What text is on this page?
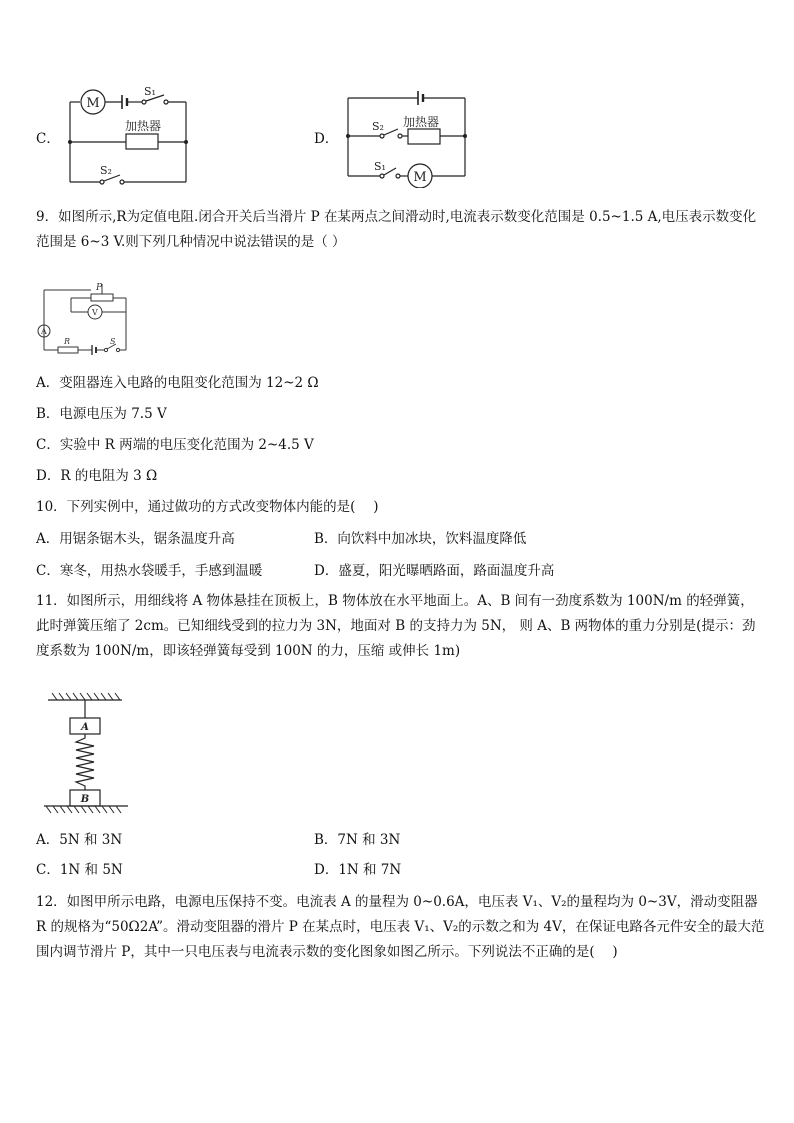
C．
M
S₁
加热器
S₂
D．
加热器
S₂
S₁
M
9．如图所示,R为定值电阻.闭合开关后当滑片 P 在某两点之间滑动时,电流表示数变化范围是 0.5~1.5 A,电压表示数变化范围是 6~3 V.则下列几种情况中说法错误的是（ ）
P
V
A
R	S
A．变阻器连入电路的电阻变化范围为 12~2 Ω
B．电源电压为 7.5 V
C．实验中 R 两端的电压变化范围为 2~4.5 V
D．R 的电阻为 3 Ω
10．下列实例中，通过做功的方式改变物体内能的是(　 )
A．用锯条锯木头，锯条温度升高	B．向饮料中加冰块，饮料温度降低
C．寒冬，用热水袋暖手，手感到温暖	D．盛夏，阳光曝晒路面，路面温度升高
11．如图所示，用细线将 A 物体悬挂在顶板上，B 物体放在水平地面上。A、B 间有一劲度系数为 100N/m 的轻弹簧，此时弹簧压缩了 2cm。已知细线受到的拉力为 3N，地面对 B 的支持力为 5N， 则 A、B 两物体的重力分别是(提示：劲度系数为 100N/m，即该轻弹簧每受到 100N 的力，压缩 或伸长 1m)
A
B
A．5N 和 3N	B．7N 和 3N
C．1N 和 5N	D．1N 和 7N
12．如图甲所示电路，电源电压保持不变。电流表 A 的量程为 0~0.6A，电压表 V₁、V₂的量程均为 0~3V，滑动变阻器 R 的规格为“50Ω2A”。滑动变阻器的滑片 P 在某点时，电压表 V₁、V₂的示数之和为 4V，在保证电路各元件安全的最大范围内调节滑片 P，其中一只电压表与电流表示数的变化图象如图乙所示。下列说法不正确的是(　 )
